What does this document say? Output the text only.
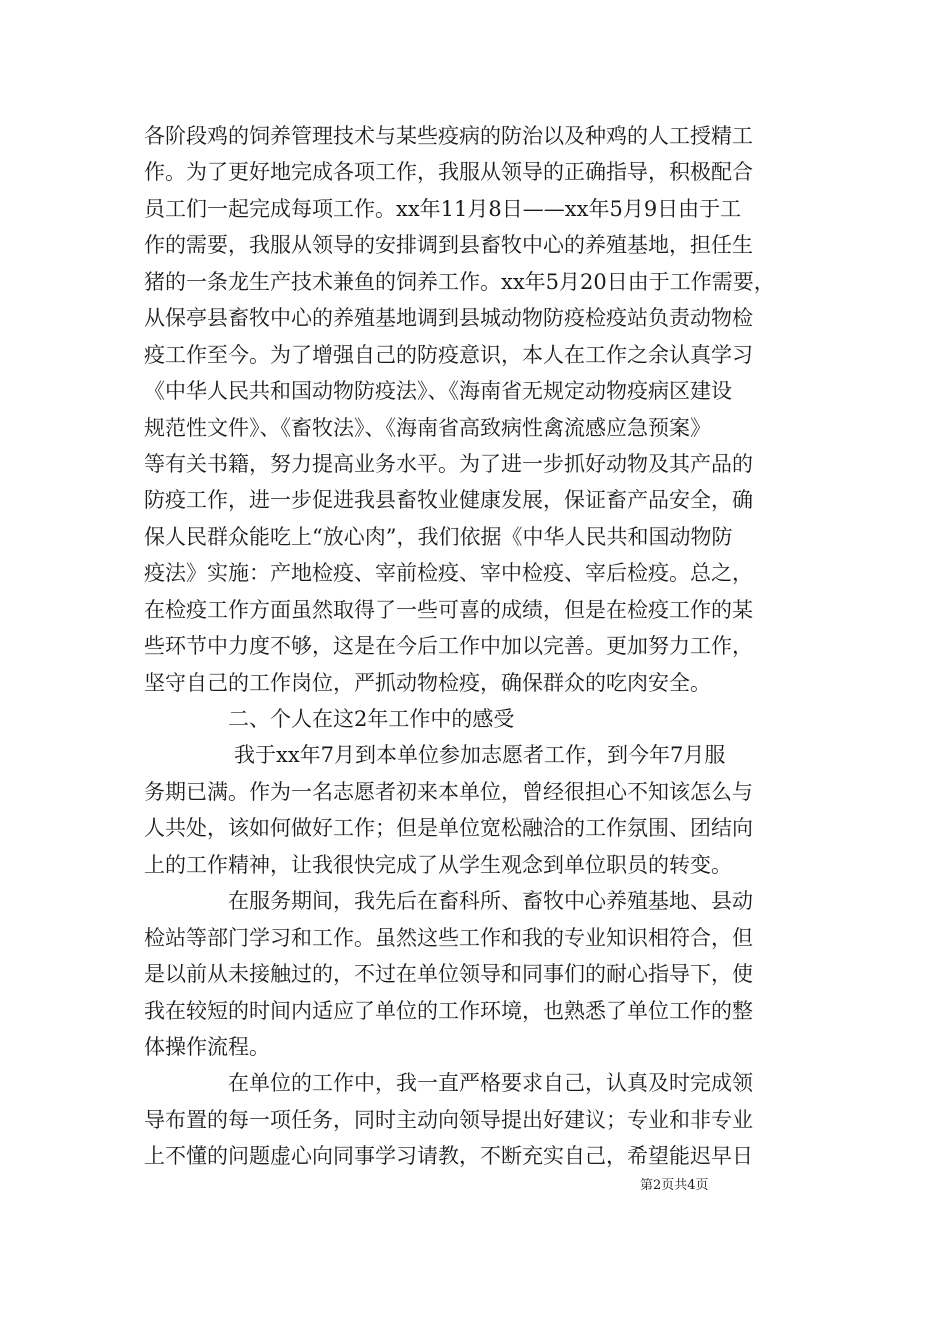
各阶段鸡的饲养管理技术与某些疫病的防治以及种鸡的人工授精工
作。为了更好地完成各项工作，我服从领导的正确指导，积极配合
员工们一起完成每项工作。xx年11月8日——xx年5月9日由于工
作的需要，我服从领导的安排调到县畜牧中心的养殖基地，担任生
猪的一条龙生产技术兼鱼的饲养工作。xx年5月20日由于工作需要，
从保亭县畜牧中心的养殖基地调到县城动物防疫检疫站负责动物检
疫工作至今。为了增强自己的防疫意识，本人在工作之余认真学习
《中华人民共和国动物防疫法》、《海南省无规定动物疫病区建设
规范性文件》、《畜牧法》、《海南省高致病性禽流感应急预案》
等有关书籍，努力提高业务水平。为了进一步抓好动物及其产品的
防疫工作，进一步促进我县畜牧业健康发展，保证畜产品安全，确
保人民群众能吃上“放心肉”，我们依据《中华人民共和国动物防
疫法》实施：产地检疫、宰前检疫、宰中检疫、宰后检疫。总之，
在检疫工作方面虽然取得了一些可喜的成绩，但是在检疫工作的某
些环节中力度不够，这是在今后工作中加以完善。更加努力工作，
坚守自己的工作岗位，严抓动物检疫，确保群众的吃肉安全。
二、个人在这2年工作中的感受
我于xx年7月到本单位参加志愿者工作，到今年7月服
务期已满。作为一名志愿者初来本单位，曾经很担心不知该怎么与
人共处，该如何做好工作；但是单位宽松融洽的工作氛围、团结向
上的工作精神，让我很快完成了从学生观念到单位职员的转变。
在服务期间，我先后在畜科所、畜牧中心养殖基地、县动
检站等部门学习和工作。虽然这些工作和我的专业知识相符合，但
是以前从未接触过的，不过在单位领导和同事们的耐心指导下，使
我在较短的时间内适应了单位的工作环境，也熟悉了单位工作的整
体操作流程。
在单位的工作中，我一直严格要求自己，认真及时完成领
导布置的每一项任务，同时主动向领导提出好建议；专业和非专业
上不懂的问题虚心向同事学习请教，不断充实自己，希望能迟早日
第2页共4页
